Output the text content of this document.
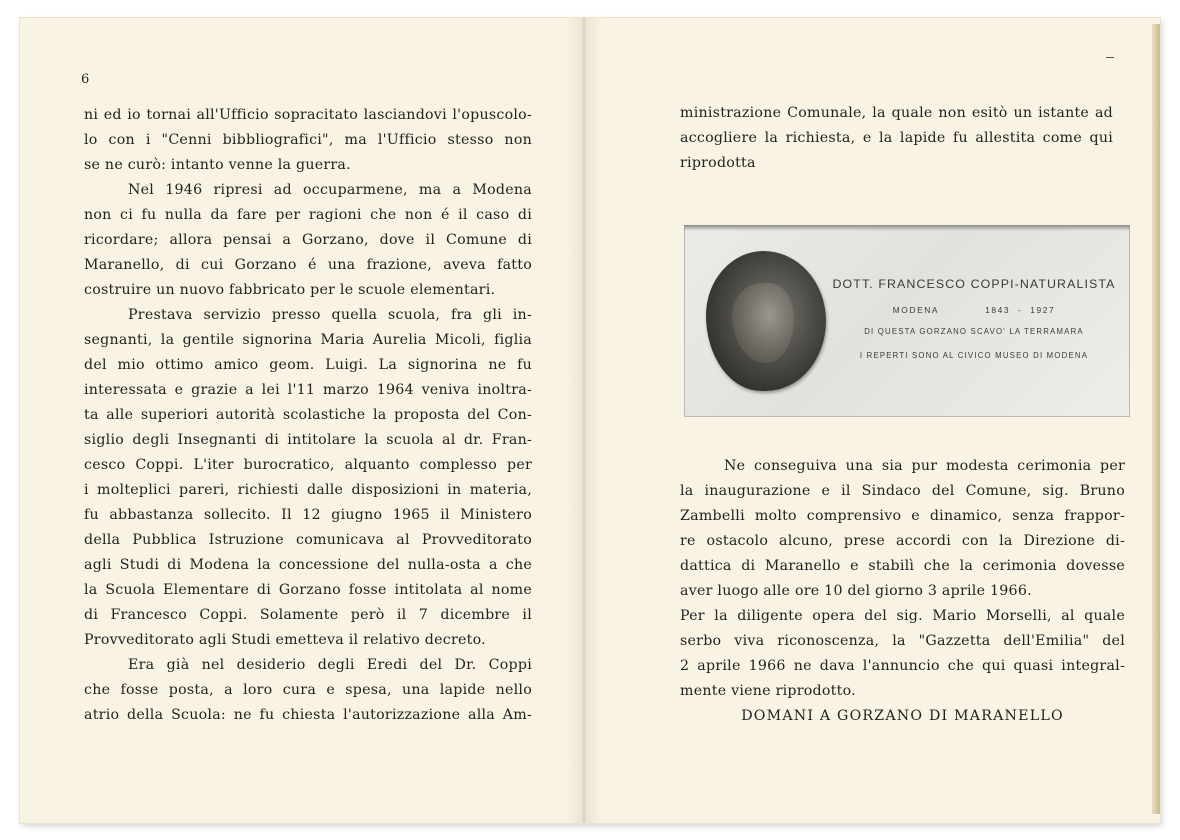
6
ni ed io tornai all'Ufficio sopracitato lasciandovi l'opuscolo-
lo con i "Cenni bibbliografici", ma l'Ufficio stesso non
se ne curò: intanto venne la guerra.
Nel 1946 ripresi ad occuparmene, ma a Modena
non ci fu nulla da fare per ragioni che non é il caso di
ricordare; allora pensai a Gorzano, dove il Comune di
Maranello, di cui Gorzano é una frazione, aveva fatto
costruire un nuovo fabbricato per le scuole elementari.
Prestava servizio presso quella scuola, fra gli in-
segnanti, la gentile signorina Maria Aurelia Micoli, figlia
del mio ottimo amico geom. Luigi. La signorina ne fu
interessata e grazie a lei l'11 marzo 1964 veniva inoltra-
ta alle superiori autorità scolastiche la proposta del Con-
siglio degli Insegnanti di intitolare la scuola al dr. Fran-
cesco Coppi. L'iter burocratico, alquanto complesso per
i molteplici pareri, richiesti dalle disposizioni in materia,
fu abbastanza sollecito. Il 12 giugno 1965 il Ministero
della Pubblica Istruzione comunicava al Provveditorato
agli Studi di Modena la concessione del nulla-osta a che
la Scuola Elementare di Gorzano fosse intitolata al nome
di Francesco Coppi. Solamente però il 7 dicembre il
Provveditorato agli Studi emetteva il relativo decreto.
Era già nel desiderio degli Eredi del Dr. Coppi
che fosse posta, a loro cura e spesa, una lapide nello
atrio della Scuola: ne fu chiesta l'autorizzazione alla Am-
ministrazione Comunale, la quale non esitò un istante ad
accogliere la richiesta, e la lapide fu allestita come qui
riprodotta
DOTT. FRANCESCO COPPI-NATURALISTA
MODENA	1843 - 1927
DI QUESTA GORZANO SCAVO' LA TERRAMARA
I REPERTI SONO AL CIVICO MUSEO DI MODENA
Ne conseguiva una sia pur modesta cerimonia per
la inaugurazione e il Sindaco del Comune, sig. Bruno
Zambelli molto comprensivo e dinamico, senza frappor-
re ostacolo alcuno, prese accordi con la Direzione di-
dattica di Maranello e stabilì che la cerimonia dovesse
aver luogo alle ore 10 del giorno 3 aprile 1966.
Per la diligente opera del sig. Mario Morselli, al quale
serbo viva riconoscenza, la "Gazzetta dell'Emilia" del
2 aprile 1966 ne dava l'annuncio che qui quasi integral-
mente viene riprodotto.
DOMANI A GORZANO DI MARANELLO
